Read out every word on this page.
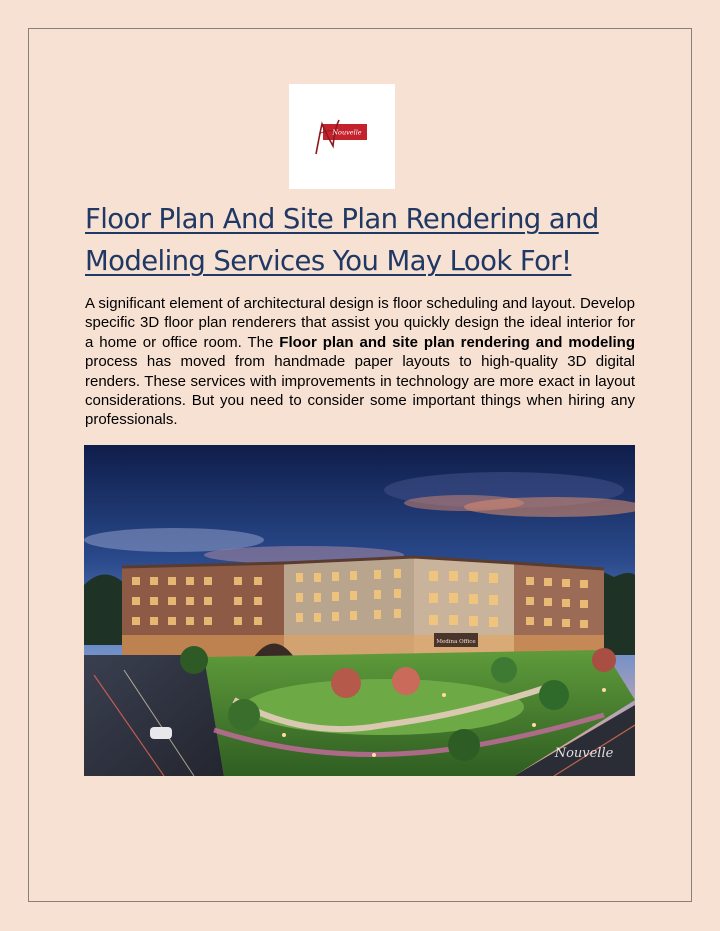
Nouvelle
Floor Plan And Site Plan Rendering and
Modeling Services You May Look For!

A significant element of architectural design is floor scheduling and layout. Develop specific 3D floor plan renderers that assist you quickly design the ideal interior for a home or office room. The Floor plan and site plan rendering and modeling process has moved from handmade paper layouts to high-quality 3D digital renders. These services with improvements in technology are more exact in layout considerations. But you need to consider some important things when hiring any professionals.

Medina Office
Nouvelle
